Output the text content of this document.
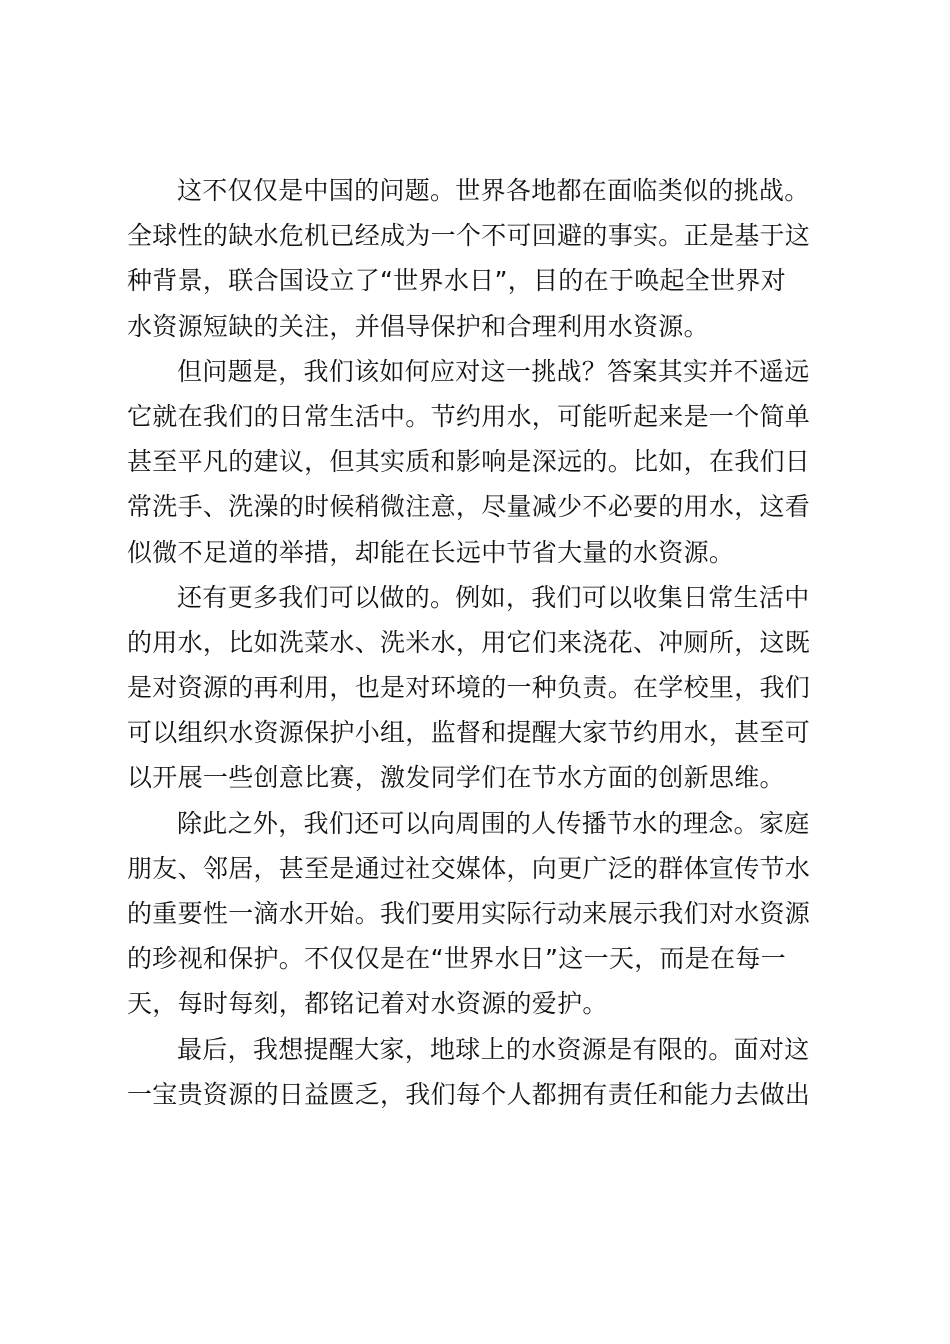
这不仅仅是中国的问题。世界各地都在面临类似的挑战。
全球性的缺水危机已经成为一个不可回避的事实。正是基于这
种背景，联合国设立了“世界水日”，目的在于唤起全世界对
水资源短缺的关注，并倡导保护和合理利用水资源。
但问题是，我们该如何应对这一挑战？答案其实并不遥远
它就在我们的日常生活中。节约用水，可能听起来是一个简单
甚至平凡的建议，但其实质和影响是深远的。比如，在我们日
常洗手、洗澡的时候稍微注意，尽量减少不必要的用水，这看
似微不足道的举措，却能在长远中节省大量的水资源。
还有更多我们可以做的。例如，我们可以收集日常生活中
的用水，比如洗菜水、洗米水，用它们来浇花、冲厕所，这既
是对资源的再利用，也是对环境的一种负责。在学校里，我们
可以组织水资源保护小组，监督和提醒大家节约用水，甚至可
以开展一些创意比赛，激发同学们在节水方面的创新思维。
除此之外，我们还可以向周围的人传播节水的理念。家庭
朋友、邻居，甚至是通过社交媒体，向更广泛的群体宣传节水
的重要性一滴水开始。我们要用实际行动来展示我们对水资源
的珍视和保护。不仅仅是在“世界水日”这一天，而是在每一
天，每时每刻，都铭记着对水资源的爱护。
最后，我想提醒大家，地球上的水资源是有限的。面对这
一宝贵资源的日益匮乏，我们每个人都拥有责任和能力去做出
